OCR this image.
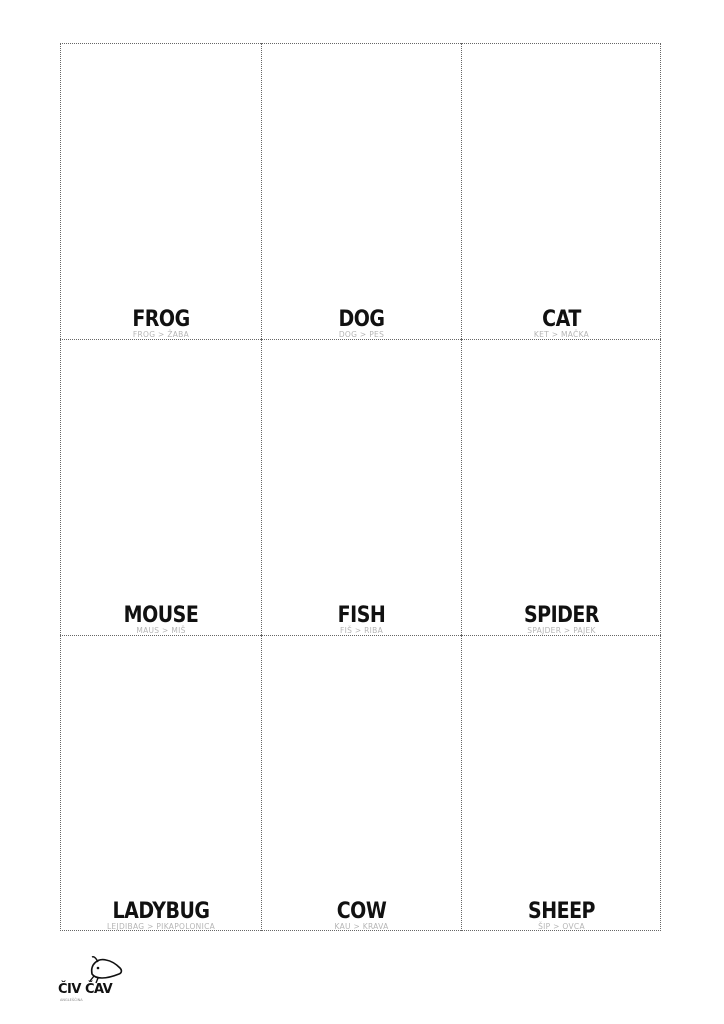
FROG
FROG > ŽABA
DOG
DOG > PES
CAT
KET > MAČKA
MOUSE
MAUS > MIŠ
FISH
FIŠ > RIBA
SPIDER
SPAJDER > PAJEK
LADYBUG
LEJDIBAG > PIKAPOLONICA
COW
KAU > KRAVA
SHEEP
ŠIP > OVCA
ČIV ČAV
ANGLEŠČINA
